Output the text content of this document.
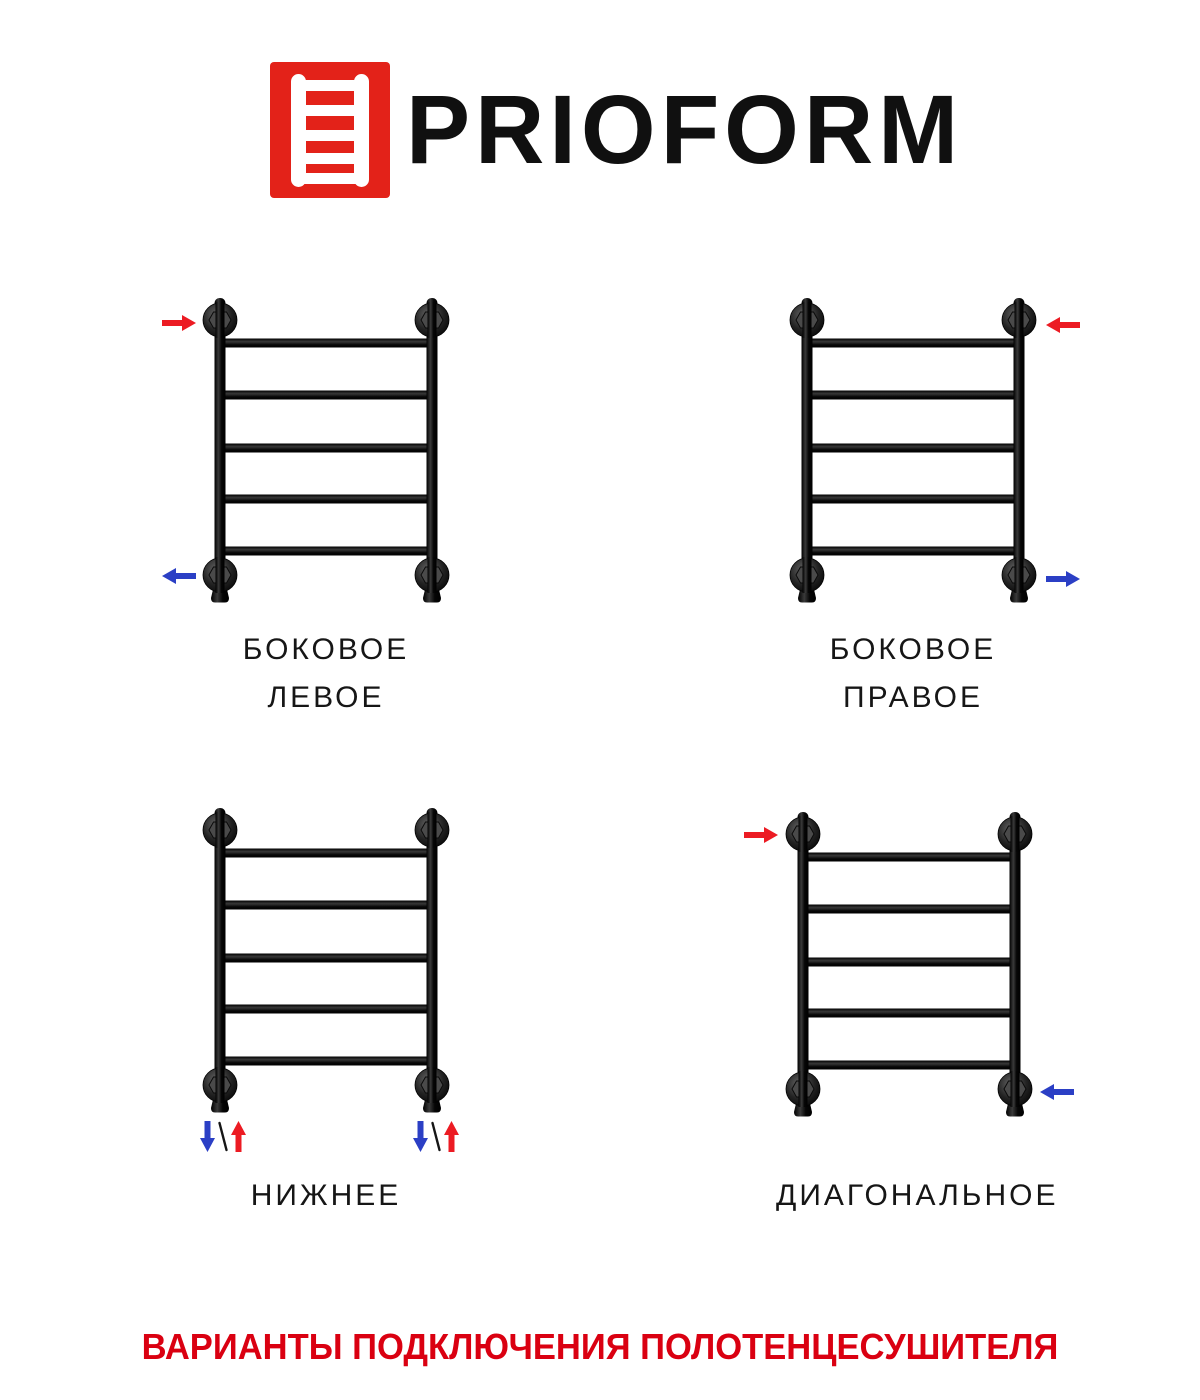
PRIOFORM
БОКОВОЕ
ЛЕВОЕ
БОКОВОЕ
ПРАВОЕ
НИЖНЕЕ	ДИАГОНАЛЬНОЕ
ВАРИАНТЫ ПОДКЛЮЧЕНИЯ ПОЛОТЕНЦЕСУШИТЕЛЯ
